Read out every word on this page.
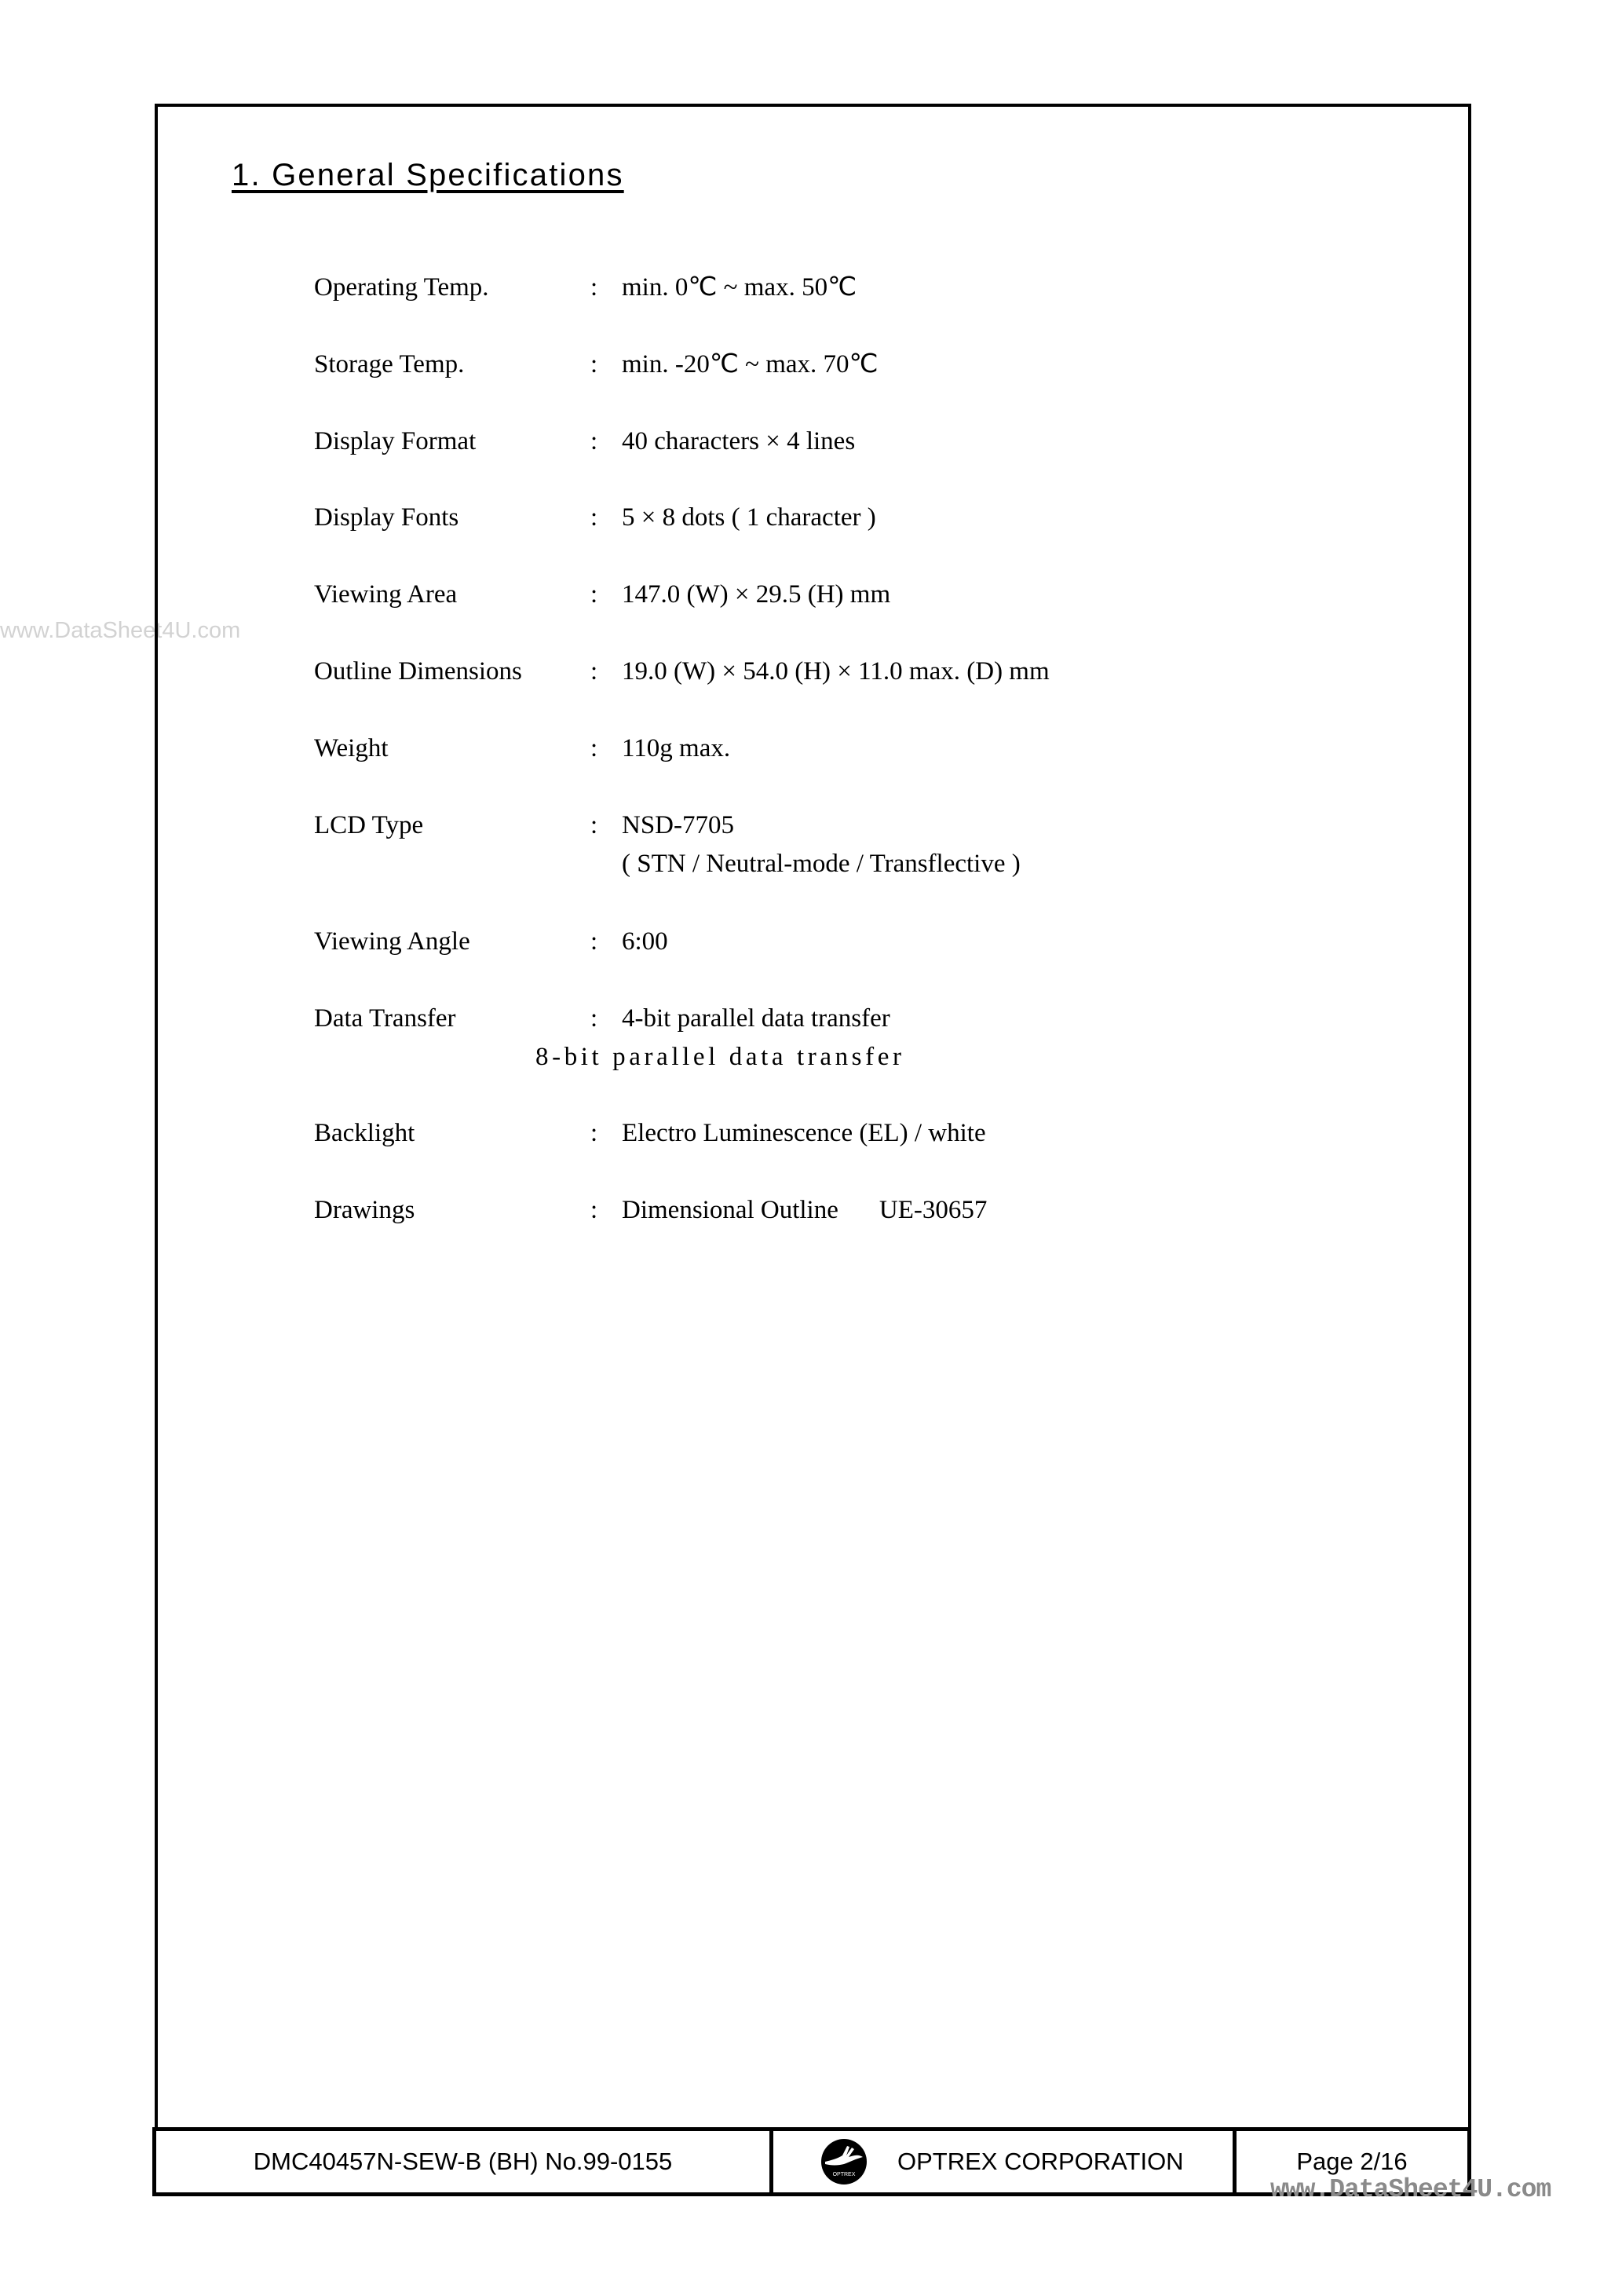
www.DataSheet4U.com
1. General Specifications
Operating Temp.	: min. 0℃ ~ max. 50℃
Storage Temp.	: min. -20℃ ~ max. 70℃
Display Format	: 40 characters × 4 lines
Display Fonts	: 5 × 8 dots ( 1 character )
Viewing Area	: 147.0 (W) × 29.5 (H) mm
Outline Dimensions	: 19.0 (W) × 54.0 (H) × 11.0 max. (D) mm
Weight	: 110g max.
LCD Type	: NSD-7705
( STN / Neutral-mode / Transflective )
Viewing Angle	: 6:00
Data Transfer	: 4-bit parallel data transfer
8-bit parallel data transfer
Backlight	: Electro Luminescence (EL) / white
Drawings	: Dimensional Outline UE-30657
DMC40457N-SEW-B (BH) No.99-0155	OPTREX OPTREX CORPORATION	Page 2/16
www.DataSheet4U.com
